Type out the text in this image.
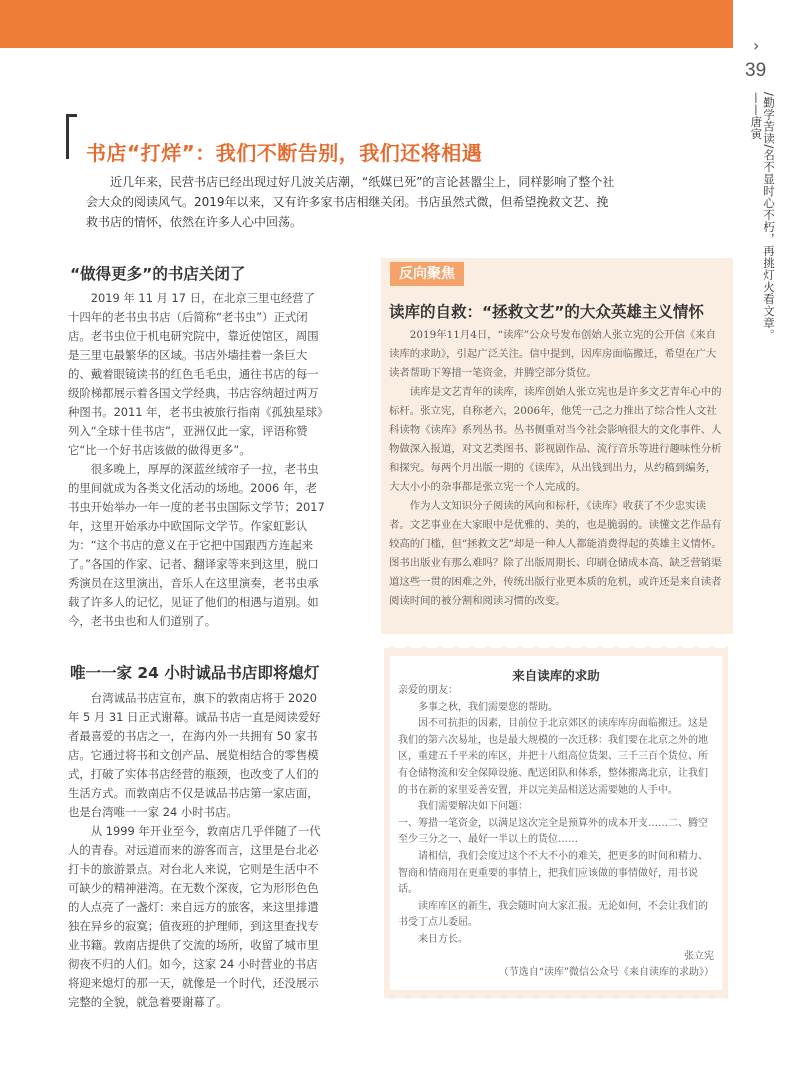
›
39
/勤学苦读/名不显时心不朽，再挑灯火看文章。——唐寅
书店“打烊”：我们不断告别，我们还将相遇

近几年来，民营书店已经出现过好几波关店潮，“纸媒已死”的言论甚嚣尘上，同样影响了整个社会大众的阅读风气。2019年以来，又有许多家书店相继关闭。书店虽然式微，但希望挽救文艺、挽救书店的情怀，依然在许多人心中回荡。

“做得更多”的书店关闭了

2019 年 11 月 17 日，在北京三里屯经营了十四年的老书虫书店（后简称“老书虫”）正式闭店。老书虫位于机电研究院中，靠近使馆区，周围是三里屯最繁华的区域。书店外墙挂着一条巨大的、戴着眼镜读书的红色毛毛虫，通往书店的每一级阶梯都展示着各国文学经典，书店容纳超过两万种图书。2011 年，老书虫被旅行指南《孤独星球》列入“全球十佳书店”，亚洲仅此一家，评语称赞它“比一个好书店该做的做得更多”。

很多晚上，厚厚的深蓝丝绒帘子一拉，老书虫的里间就成为各类文化活动的场地。2006 年，老书虫开始举办一年一度的老书虫国际文学节；2017 年，这里开始承办中欧国际文学节。作家虹影认为：“这个书店的意义在于它把中国跟西方连起来了。”各国的作家、记者、翻译家等来到这里，脱口秀演员在这里演出，音乐人在这里演奏，老书虫承载了许多人的记忆，见证了他们的相遇与道别。如今，老书虫也和人们道别了。

唯一一家 24 小时诚品书店即将熄灯

台湾诚品书店宣布，旗下的敦南店将于 2020 年 5 月 31 日正式谢幕。诚品书店一直是阅读爱好者最喜爱的书店之一，在海内外一共拥有 50 家书店。它通过将书和文创产品、展览相结合的零售模式，打破了实体书店经营的瓶颈，也改变了人们的生活方式。而敦南店不仅是诚品书店第一家店面，也是台湾唯一一家 24 小时书店。

从 1999 年开业至今，敦南店几乎伴随了一代人的青春。对远道而来的游客而言，这里是台北必打卡的旅游景点。对台北人来说，它则是生活中不可缺少的精神港湾。在无数个深夜，它为形形色色的人点亮了一盏灯：来自远方的旅客，来这里排遣独在异乡的寂寞；值夜班的护理师，到这里查找专业书籍。敦南店提供了交流的场所，收留了城市里彻夜不归的人们。如今，这家 24 小时营业的书店将迎来熄灯的那一天，就像是一个时代，还没展示完整的全貌，就急着要谢幕了。

反向聚焦
读库的自救：“拯救文艺”的大众英雄主义情怀

2019年11月4日，“读库”公众号发布创始人张立宪的公开信《来自读库的求助》，引起广泛关注。信中提到，因库房面临搬迁，希望在广大读者帮助下筹措一笔资金，并腾空部分货位。

读库是文艺青年的读库，读库创始人张立宪也是许多文艺青年心中的标杆。张立宪，自称老六，2006年，他凭一己之力推出了综合性人文社科读物《读库》系列丛书。丛书侧重对当今社会影响很大的文化事件、人物做深入报道，对文艺类图书、影视剧作品、流行音乐等进行趣味性分析和探究。每两个月出版一期的《读库》，从出钱到出力，从约稿到编务，大大小小的杂事都是张立宪一个人完成的。

作为人文知识分子阅读的风向和标杆，《读库》收获了不少忠实读者。文艺事业在大家眼中是优雅的、美的，也是脆弱的。读懂文艺作品有较高的门槛，但“拯救文艺”却是一种人人都能消费得起的英雄主义情怀。图书出版业有那么难吗？除了出版周期长、印刷仓储成本高、缺乏营销渠道这些一贯的困难之外，传统出版行业更本质的危机，或许还是来自读者阅读时间的被分割和阅读习惯的改变。

来自读库的求助

亲爱的朋友：

多事之秋，我们需要您的帮助。

因不可抗拒的因素，目前位于北京郊区的读库库房面临搬迁。这是我们的第六次易址，也是最大规模的一次迁移：我们要在北京之外的地区，重建五千平米的库区，并把十八组高位货架、三千三百个货位、所有仓储物流和安全保障设施、配送团队和体系，整体搬离北京，让我们的书在新的家里妥善安置，并以完美品相送达需要她的人手中。

我们需要解决如下问题：

一、筹措一笔资金，以满足这次完全是预算外的成本开支……二、腾空至少三分之一、最好一半以上的货位……

请相信，我们会度过这个不大不小的难关，把更多的时间和精力、智商和情商用在更重要的事情上，把我们应该做的事情做好，用书说话。

读库库区的新生，我会随时向大家汇报。无论如何，不会让我们的书受丁点儿委屈。

来日方长。

张立宪

（节选自“读库”微信公众号《来自读库的求助》）
